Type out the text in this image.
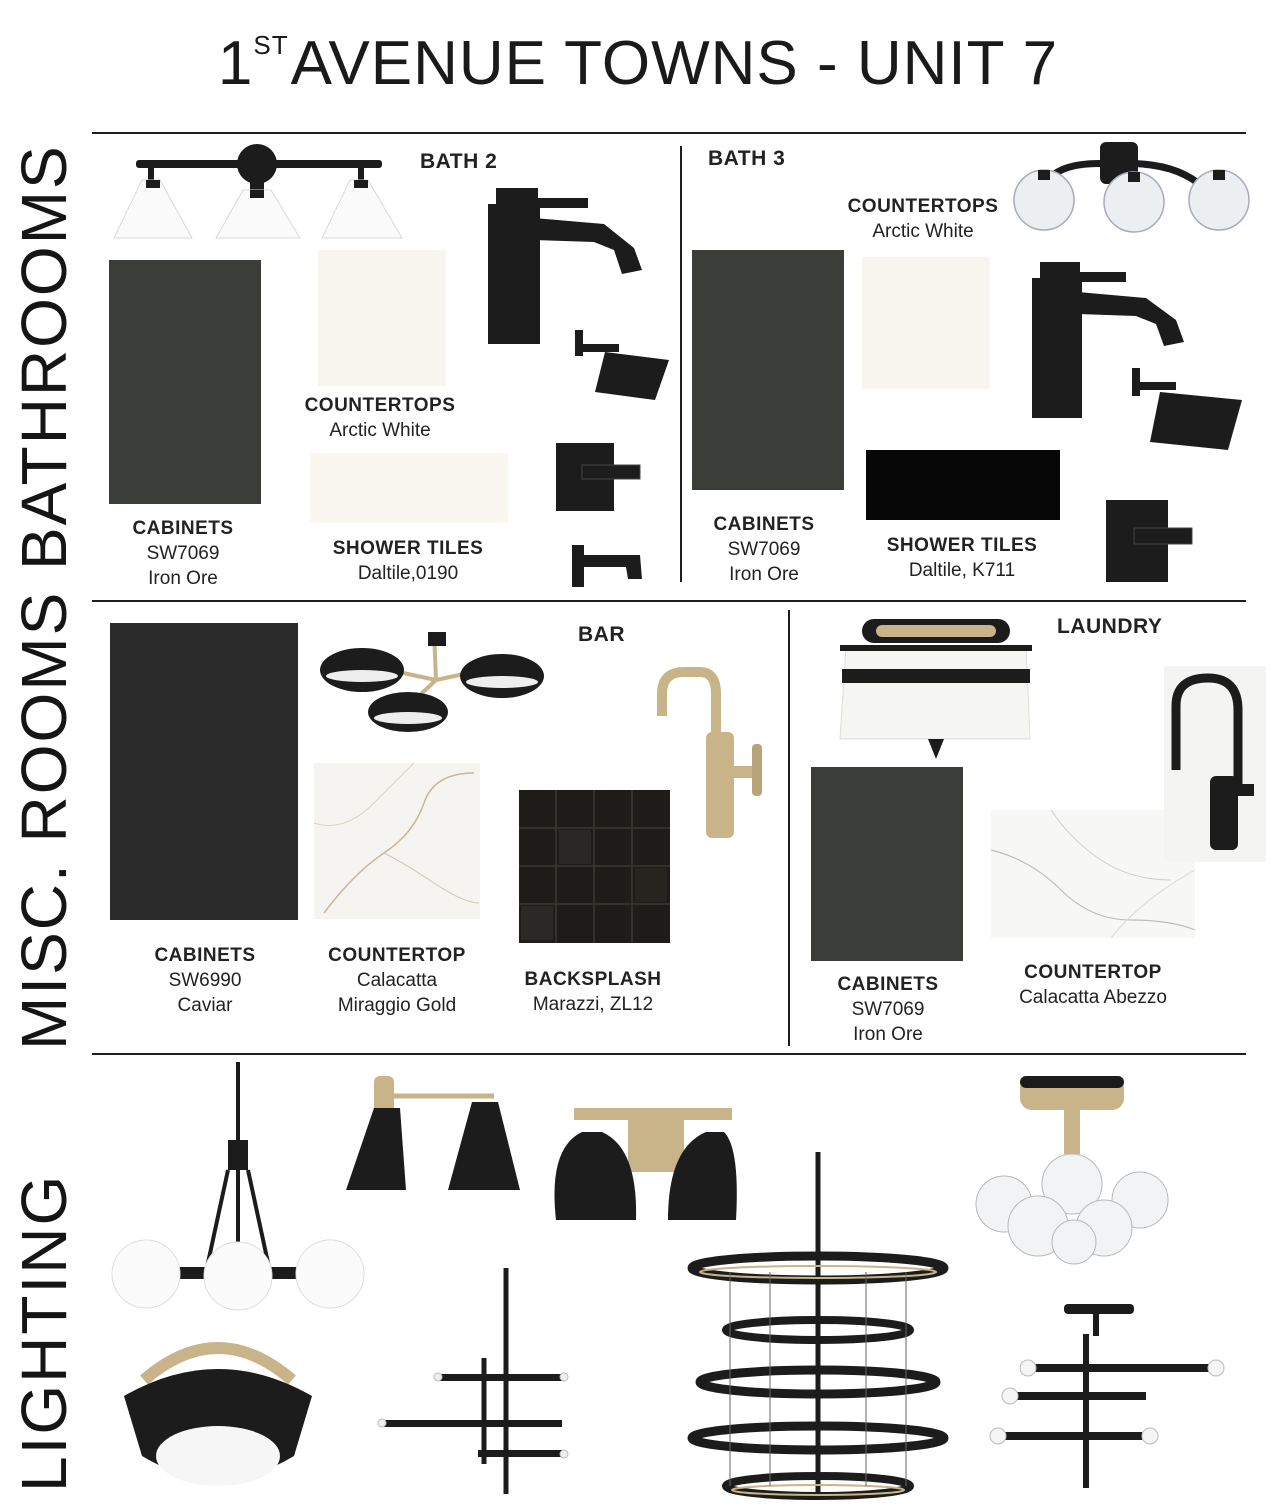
1STAVENUE TOWNS - UNIT 7
BATHROOMS
MISC. ROOMS
LIGHTING
BATH 2
COUNTERTOPS
Arctic White
CABINETS
SW7069
Iron Ore
SHOWER TILES
Daltile,0190
BATH 3
COUNTERTOPS
Arctic White
CABINETS
SW7069
Iron Ore
SHOWER TILES
Daltile, K711
BAR
CABINETS
SW6990
Caviar
COUNTERTOP
Calacatta
Miraggio Gold
BACKSPLASH
Marazzi, ZL12
LAUNDRY
CABINETS
SW7069
Iron Ore
COUNTERTOP
Calacatta Abezzo
